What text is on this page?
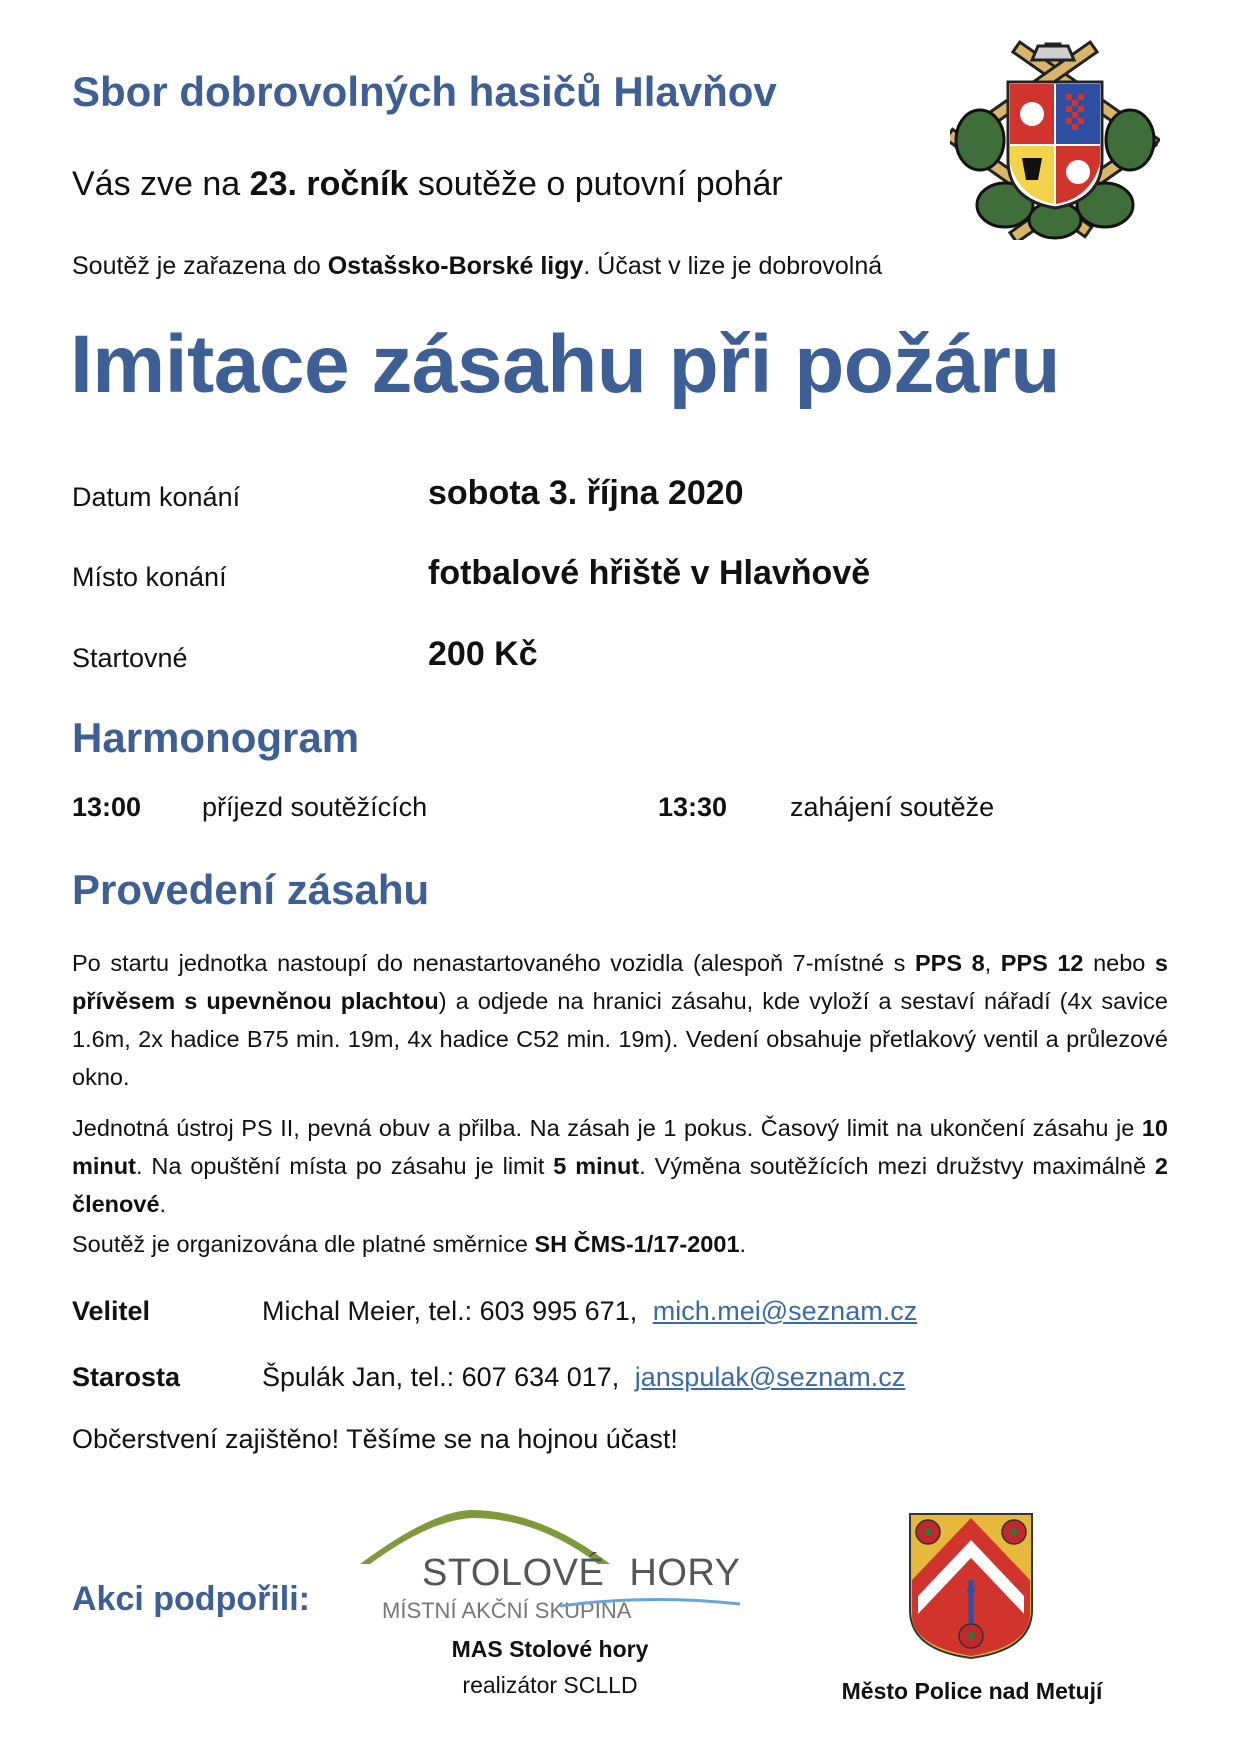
Sbor dobrovolných hasičů Hlavňov
Vás zve na 23. ročník soutěže o putovní pohár
Soutěž je zařazena do Ostašsko-Borské ligy. Účast v lize je dobrovolná
Imitace zásahu při požáru
Datum konání	sobota 3. října 2020
Místo konání	fotbalové hřiště v Hlavňově
Startovné	200 Kč
Harmonogram
13:00 příjezd soutěžících	13:30 zahájení soutěže
Provedení zásahu
Po startu jednotka nastoupí do nenastartovaného vozidla (alespoň 7-místné s PPS 8, PPS 12 nebo s přívěsem s upevněnou plachtou) a odjede na hranici zásahu, kde vyloží a sestaví nářadí (4x savice 1.6m, 2x hadice B75 min. 19m, 4x hadice C52 min. 19m). Vedení obsahuje přetlakový ventil a průlezové okno.
Jednotná ústroj PS II, pevná obuv a přilba. Na zásah je 1 pokus. Časový limit na ukončení zásahu je 10 minut. Na opuštění místa po zásahu je limit 5 minut. Výměna soutěžících mezi družstvy maximálně 2 členové.
Soutěž je organizována dle platné směrnice SH ČMS-1/17-2001.
Velitel	Michal Meier, tel.: 603 995 671, mich.mei@seznam.cz
Starosta	Špulák Jan, tel.: 607 634 017, janspulak@seznam.cz
Občerstvení zajištěno! Těšíme se na hojnou účast!
Akci podpořili:
STOLOVÉ HORY
MÍSTNÍ AKČNÍ SKUPINA
MAS Stolové hory
realizátor SCLLD	Město Police nad Metují
